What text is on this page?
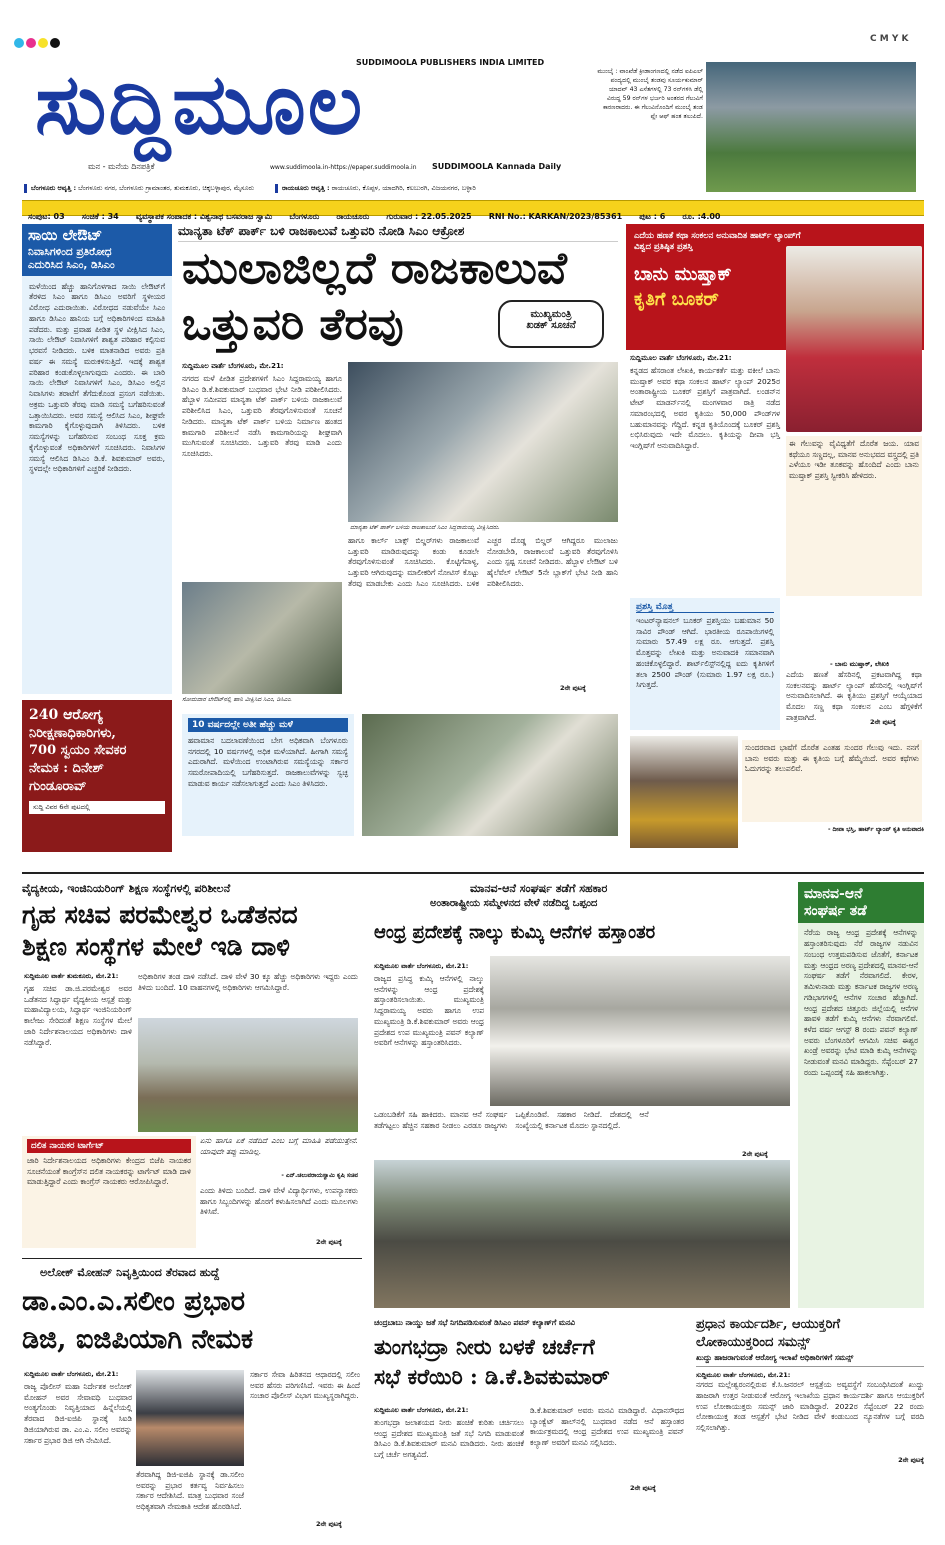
C M Y K
ಸುದ್ದಿಮೂಲ
SUDDIMOOLA PUBLISHERS INDIA LIMITED
ಮನ - ಮನೆಯ ದಿನಪತ್ರಿಕೆ	www.suddimoola.in-https://epaper.suddimoola.in SUDDIMOOLA Kannada Daily
ಮುಂಬೈ : ವಾಂಖೆಡೆ ಕ್ರೀಡಾಂಗಣದಲ್ಲಿ ನಡೆದ ಐಪಿಎಲ್ ಪಂದ್ಯದಲ್ಲಿ ಮುಂಬೈ ತಂಡವು ಸೂರ್ಯಕುಮಾರ್ ಯಾದವ್ 43 ಎಸೆತಗಳಲ್ಲಿ 73 ರನ್‌ಗಳಿಸಿ ಡೆಲ್ಲಿ ವಿರುದ್ಧ 59 ರನ್‌ಗಳ ಭರ್ಜರಿ ಅಂತರದ ಗೆಲುವಿಗೆ ಕಾರಣರಾದರು. ಈ ಗೆಲುವಿನೊಂದಿಗೆ ಮುಂಬೈ ತಂಡ ಪ್ಲೇ ಆಫ್ ಹಂತ ತಲುಪಿದೆ.
ಬೆಂಗಳೂರು ಆವೃತ್ತಿ : ಬೆಂಗಳೂರು ನಗರ, ಬೆಂಗಳೂರು ಗ್ರಾಮಾಂತರ, ತುಮಕೂರು, ಚಿಕ್ಕಬಳ್ಳಾಪುರ, ಮೈಸೂರು	ರಾಯಚೂರು ಆವೃತ್ತಿ : ರಾಯಚೂರು, ಕೊಪ್ಪಳ, ಯಾದಗಿರಿ, ಕಲಬುರಗಿ, ವಿಜಯನಗರ, ಬಳ್ಳಾರಿ
ಸಂಪುಟ: 03 ಸಂಚಿಕೆ : 34 ವ್ಯವಸ್ಥಾಪಕ ಸಂಪಾದಕ : ವಿಶ್ವನಾಥ ಬಸವರಾಜ ಸ್ವಾಮಿ ಬೆಂಗಳೂರು ರಾಯಚೂರು ಗುರುವಾರ : 22.05.2025 RNI No.: KARKAN/2023/85361 ಪುಟ : 6 ರೂ. :4.00
ಸಾಯಿ ಲೇಔಟ್
ನಿವಾಸಿಗಳಿಂದ ಪ್ರತಿರೋಧ
ಎದುರಿಸಿದ ಸಿಎಂ, ಡಿಸಿಎಂ
ಮಳೆಯಿಂದ ಹೆಚ್ಚು ಹಾನಿಗೊಳಗಾದ ಸಾಯಿ ಲೇಔಟ್‌ಗೆ ತೆರಳಿದ ಸಿಎಂ ಹಾಗೂ ಡಿಸಿಎಂ ಅವರಿಗೆ ಸ್ಥಳೀಯರ ವಿರೋಧ ಎದುರಾಯಿತು. ವಿರೋಧದ ನಡುವೆಯೇ ಸಿಎಂ ಹಾಗೂ ಡಿಸಿಎಂ ಹಾನಿಯ ಬಗ್ಗೆ ಅಧಿಕಾರಿಗಳಿಂದ ಮಾಹಿತಿ ಪಡೆದರು. ಮತ್ತು ಪ್ರವಾಹ ಪೀಡಿತ ಸ್ಥಳ ವೀಕ್ಷಿಸಿದ ಸಿಎಂ, ಸಾಯಿ ಲೇಔಟ್ ನಿವಾಸಿಗಳಿಗೆ ಶಾಶ್ವತ ಪರಿಹಾರ ಕಲ್ಪಿಸುವ ಭರವಸೆ ನೀಡಿದರು. ಬಳಿಕ ಮಾತನಾಡಿದ ಅವರು ಪ್ರತಿ ವರ್ಷ ಈ ಸಮಸ್ಯೆ ಮರುಕಳಿಸುತ್ತಿದೆ. ಇದಕ್ಕೆ ಶಾಶ್ವತ ಪರಿಹಾರ ಕಂಡುಕೊಳ್ಳಲಾಗುವುದು ಎಂದರು. ಈ ಬಾರಿ ಸಾಯಿ ಲೇಔಟ್ ನಿವಾಸಿಗಳಿಗೆ ಸಿಎಂ, ಡಿಸಿಎಂ ಅಲ್ಲಿನ ನಿವಾಸಿಗಳು ತರಾಟೆಗೆ ತೆಗೆದುಕೊಂಡ ಪ್ರಸಂಗ ನಡೆಯಿತು. ಅಕ್ರಮ ಒತ್ತುವರಿ ತೆರವು ಮಾಡಿ ಸಮಸ್ಯೆ ಬಗೆಹರಿಸುವಂತೆ ಒತ್ತಾಯಿಸಿದರು. ಅವರ ಸಮಸ್ಯೆ ಆಲಿಸಿದ ಸಿಎಂ, ಶೀಘ್ರವೇ ಕಾಮಗಾರಿ ಕೈಗೊಳ್ಳುವುದಾಗಿ ತಿಳಿಸಿದರು. ಬಳಿಕ ಸಮಸ್ಯೆಗಳನ್ನು ಬಗೆಹರಿಸುವ ಸಂಬಂಧ ಸೂಕ್ತ ಕ್ರಮ ಕೈಗೊಳ್ಳುವಂತೆ ಅಧಿಕಾರಿಗಳಿಗೆ ಸೂಚಿಸಿದರು. ನಿವಾಸಿಗಳ ಸಮಸ್ಯೆ ಆಲಿಸಿದ ಡಿಸಿಎಂ ಡಿ.ಕೆ. ಶಿವಕುಮಾರ್ ಅವರು, ಸ್ಥಳದಲ್ಲೇ ಅಧಿಕಾರಿಗಳಿಗೆ ಎಚ್ಚರಿಕೆ ನೀಡಿದರು.
240 ಆರೋಗ್ಯ
ನಿರೀಕ್ಷಣಾಧಿಕಾರಿಗಳು,
700 ಸ್ವಯಂ ಸೇವಕರ
ನೇಮಕ : ದಿನೇಶ್
ಗುಂಡೂರಾವ್
ಸುದ್ದಿ ವಿವರ 6ನೇ ಪುಟದಲ್ಲಿ
ಮಾನ್ಯತಾ ಟೆಕ್ ಪಾರ್ಕ್ ಬಳಿ ರಾಜಕಾಲುವೆ ಒತ್ತುವರಿ ನೋಡಿ ಸಿಎಂ ಆಕ್ರೋಶ
ಮುಲಾಜಿಲ್ಲದೆ ರಾಜಕಾಲುವೆ
ಒತ್ತುವರಿ ತೆರವು	ಮುಖ್ಯಮಂತ್ರಿ
ಖಡಕ್ ಸೂಚನೆ
ಸುದ್ದಿಮೂಲ ವಾರ್ತೆ ಬೆಂಗಳೂರು, ಮೇ.21:
ನಗರದ ಮಳೆ ಪೀಡಿತ ಪ್ರದೇಶಗಳಿಗೆ ಸಿಎಂ ಸಿದ್ದರಾಮಯ್ಯ ಹಾಗೂ ಡಿಸಿಎಂ ಡಿ.ಕೆ.ಶಿವಕುಮಾರ್ ಬುಧವಾರ ಭೇಟಿ ನೀಡಿ ಪರಿಶೀಲಿಸಿದರು. ಹೆಬ್ಬಾಳ ಸಮೀಪದ ಮಾನ್ಯತಾ ಟೆಕ್ ಪಾರ್ಕ್ ಬಳಿಯ ರಾಜಕಾಲುವೆ ಪರಿಶೀಲಿಸಿದ ಸಿಎಂ, ಒತ್ತುವರಿ ತೆರವುಗೊಳಿಸುವಂತೆ ಸೂಚನೆ ನೀಡಿದರು. ಮಾನ್ಯತಾ ಟೆಕ್ ಪಾರ್ಕ್ ಬಳಿಯ ನಿರ್ಮಾಣ ಹಂತದ ಕಾಮಗಾರಿ ಪರಿಶೀಲನೆ ನಡೆಸಿ ಕಾಮಗಾರಿಯನ್ನು ಶೀಘ್ರವಾಗಿ ಮುಗಿಸುವಂತೆ ಸೂಚಿಸಿದರು. ಒತ್ತುವರಿ ತೆರವು ಮಾಡಿ ಎಂದು ಸೂಚಿಸಿದರು.
ಮಾನ್ಯತಾ ಟೆಕ್ ಪಾರ್ಕ್ ಬಳಿಯ ರಾಜಕಾಲುವೆ ಸಿಎಂ ಸಿದ್ದರಾಮಯ್ಯ ವೀಕ್ಷಿಸಿದರು.
ಹಾಗೂ ಕಾರ್ಲ್ ಬಾಕ್ಸ್ ಬಿಲ್ಡರ್‌ಗಳು ರಾಜಕಾಲುವೆ ಒತ್ತುವರಿ ಮಾಡಿರುವುದನ್ನು ಕಂಡು ಕೂಡಲೇ ತೆರವುಗೊಳಿಸುವಂತೆ ಸೂಚಿಸಿದರು. ಕೊಟ್ಟಿಗೆಪಾಳ್ಯ, ಒತ್ತುವರಿ ಆಗಿರುವುದನ್ನು ಮಾಲೀಕರಿಗೆ ನೋಟಿಸ್ ಕೊಟ್ಟು ತೆರವು ಮಾಡಬೇಕು ಎಂದು ಸಿಎಂ ಸೂಚಿಸಿದರು. ಬಳಿಕ ಎಚ್ಚರ ದೊಡ್ಡ ಬಿಲ್ಡರ್ ಆಗಿದ್ದರೂ ಮುಲಾಜು ನೋಡಬೇಡಿ, ರಾಜಕಾಲುವೆ ಒತ್ತುವರಿ ತೆರವುಗೊಳಿಸಿ ಎಂದು ಸ್ಪಷ್ಟ ಸೂಚನೆ ನೀಡಿದರು. ಹೆಬ್ಬಾಳ ಲೇಔಟ್ ಬಳಿ ಹೈಲೆವೆಲ್ ಲೇಔಟ್ 5ನೇ ಬ್ಲಾಕ್‌ಗೆ ಭೇಟಿ ನೀಡಿ ಹಾನಿ ಪರಿಶೀಲಿಸಿದರು.
ಸೋಮವಾರ ಲೇಔಟ್‌ನಲ್ಲಿ ಹಾನಿ ವೀಕ್ಷಿಸಿದ ಸಿಎಂ, ಡಿಸಿಎಂ.
2ನೇ ಪುಟಕ್ಕೆ
10 ವರ್ಷದಲ್ಲೇ ಅತೀ ಹೆಚ್ಚು ಮಳೆ
ಹವಾಮಾನ ಬದಲಾವಣೆಯಿಂದ ಬೇಗ ಅಧಿಕವಾಗಿ ಬೆಂಗಳೂರು ನಗರದಲ್ಲಿ 10 ವರ್ಷಗಳಲ್ಲಿ ಅಧಿಕ ಮಳೆಯಾಗಿದೆ. ಹೀಗಾಗಿ ಸಮಸ್ಯೆ ಎದುರಾಗಿದೆ. ಮಳೆಯಿಂದ ಉಂಟಾಗಿರುವ ಸಮಸ್ಯೆಯನ್ನು ಸರ್ಕಾರ ಸಮರೋಪಾದಿಯಲ್ಲಿ ಬಗೆಹರಿಸುತ್ತದೆ. ರಾಜಕಾಲುವೆಗಳನ್ನು ಸ್ವಚ್ಛ ಮಾಡುವ ಕಾರ್ಯ ನಡೆಸಲಾಗುತ್ತದೆ ಎಂದು ಸಿಎಂ ತಿಳಿಸಿದರು.
ಎದೆಯ ಹಣತೆ ಕಥಾ ಸಂಕಲನ ಅನುವಾದಿತ ಹಾರ್ಟ್ ಲ್ಯಾಂಪ್‌ಗೆ
ವಿಶ್ವದ ಪ್ರತಿಷ್ಠಿತ ಪ್ರಶಸ್ತಿ
ಬಾನು ಮುಷ್ತಾಕ್
ಕೃತಿಗೆ ಬೂಕರ್
ಸುದ್ದಿಮೂಲ ವಾರ್ತೆ ಬೆಂಗಳೂರು, ಮೇ.21:
ಕನ್ನಡದ ಹೆಸರಾಂತ ಲೇಖಕಿ, ಕಾರ್ಯಕರ್ತೆ ಮತ್ತು ವಕೀಲೆ ಬಾನು ಮುಷ್ತಾಕ್ ಅವರ ಕಥಾ ಸಂಕಲನ ಹಾರ್ಟ್ ಲ್ಯಾಂಪ್ 2025ರ ಅಂತಾರಾಷ್ಟ್ರೀಯ ಬೂಕರ್ ಪ್ರಶಸ್ತಿಗೆ ಪಾತ್ರವಾಗಿದೆ. ಲಂಡನ್‌ನ ಟೇಟ್ ಮಾಡರ್ನ್‌ನಲ್ಲಿ ಮಂಗಳವಾರ ರಾತ್ರಿ ನಡೆದ ಸಮಾರಂಭದಲ್ಲಿ ಅವರ ಕೃತಿಯು 50,000 ಪೌಂಡ್‌ಗಳ ಬಹುಮಾನವನ್ನು ಗೆದ್ದಿದೆ. ಕನ್ನಡ ಕೃತಿಯೊಂದಕ್ಕೆ ಬೂಕರ್ ಪ್ರಶಸ್ತಿ ಲಭಿಸಿರುವುದು ಇದೇ ಮೊದಲು. ಕೃತಿಯನ್ನು ದೀಪಾ ಭಸ್ತಿ ಇಂಗ್ಲಿಷ್‌ಗೆ ಅನುವಾದಿಸಿದ್ದಾರೆ.	ಈ ಗೆಲುವನ್ನು ವೈವಿಧ್ಯತೆಗೆ ದೊರೆತ ಜಯ. ಯಾವ ಕಥೆಯೂ ಸಣ್ಣದಲ್ಲ, ಮಾನವ ಅನುಭವದ ವಸ್ತ್ರದಲ್ಲಿ ಪ್ರತಿ ಎಳೆಯೂ ಇಡೀ ತೂಕವನ್ನು ಹೊಂದಿದೆ ಎಂದು ಬಾನು ಮುಷ್ತಾಕ್ ಪ್ರಶಸ್ತಿ ಸ್ವೀಕರಿಸಿ ಹೇಳಿದರು.
- ಬಾನು ಮುಷ್ತಾಕ್, ಲೇಖಕಿ
ಎದೆಯ ಹಣತೆ ಹೆಸರಿನಲ್ಲಿ ಪ್ರಕಟವಾಗಿದ್ದ ಕಥಾ ಸಂಕಲನವನ್ನು ಹಾರ್ಟ್ ಲ್ಯಾಂಪ್ ಹೆಸರಿನಲ್ಲಿ ಇಂಗ್ಲಿಷ್‌ಗೆ ಅನುವಾದಿಸಲಾಗಿದೆ. ಈ ಕೃತಿಯು ಪ್ರಶಸ್ತಿಗೆ ಆಯ್ಕೆಯಾದ ಮೊದಲ ಸಣ್ಣ ಕಥಾ ಸಂಕಲನ ಎಂಬ ಹೆಗ್ಗಳಿಕೆಗೆ ಪಾತ್ರವಾಗಿದೆ.
2ನೇ ಪುಟಕ್ಕೆ
ಪ್ರಶಸ್ತಿ ಮೊತ್ತ
ಇಂಟರ್‌ನ್ಯಾಷನಲ್ ಬೂಕರ್ ಪ್ರಶಸ್ತಿಯು ಬಹುಮಾನ 50 ಸಾವಿರ ಪೌಂಡ್ ಆಗಿದೆ. ಭಾರತೀಯ ರೂಪಾಯಿಗಳಲ್ಲಿ ಸುಮಾರು 57.49 ಲಕ್ಷ ರೂ. ಆಗುತ್ತದೆ. ಪ್ರಶಸ್ತಿ ಮೊತ್ತವನ್ನು ಲೇಖಕಿ ಮತ್ತು ಅನುವಾದಕಿ ಸಮಾನವಾಗಿ ಹಂಚಿಕೊಳ್ಳಲಿದ್ದಾರೆ. ಶಾರ್ಟ್‌ಲಿಸ್ಟ್‌ನಲ್ಲಿದ್ದ ಐದು ಕೃತಿಗಳಿಗೆ ತಲಾ 2500 ಪೌಂಡ್ (ಸುಮಾರು 1.97 ಲಕ್ಷ ರೂ.) ಸಿಗುತ್ತದೆ.
ಸುಂದರವಾದ ಭಾಷೆಗೆ ದೊರೆತ ಎಂತಹ ಸುಂದರ ಗೆಲುವು ಇದು. ನನಗೆ ಬಾನು ಅವರು ಮತ್ತು ಈ ಕೃತಿಯ ಬಗ್ಗೆ ಹೆಮ್ಮೆಯಿದೆ. ಅವರ ಕಥೆಗಳು ಓದುಗರನ್ನು ತಲುಪಲಿವೆ.
- ದೀಪಾ ಭಸ್ತಿ, ಹಾರ್ಟ್ ಲ್ಯಾಂಪ್ ಕೃತಿ ಅನುವಾದಕಿ
ವೈದ್ಯಕೀಯ, ಇಂಜಿನಿಯರಿಂಗ್ ಶಿಕ್ಷಣ ಸಂಸ್ಥೆಗಳಲ್ಲಿ ಪರಿಶೀಲನೆ
ಗೃಹ ಸಚಿವ ಪರಮೇಶ್ವರ ಒಡೆತನದ
ಶಿಕ್ಷಣ ಸಂಸ್ಥೆಗಳ ಮೇಲೆ ಇಡಿ ದಾಳಿ
ಸುದ್ದಿಮೂಲ ವಾರ್ತೆ ತುಮಕೂರು, ಮೇ.21:
ಗೃಹ ಸಚಿವ ಡಾ.ಜಿ.ಪರಮೇಶ್ವರ ಅವರ ಒಡೆತನದ ಸಿದ್ಧಾರ್ಥ ವೈದ್ಯಕೀಯ ಆಸ್ಪತ್ರೆ ಮತ್ತು ಮಹಾವಿದ್ಯಾಲಯ, ಸಿದ್ಧಾರ್ಥ ಇಂಜಿನಿಯರಿಂಗ್ ಕಾಲೇಜು ಸೇರಿದಂತೆ ಶಿಕ್ಷಣ ಸಂಸ್ಥೆಗಳ ಮೇಲೆ ಜಾರಿ ನಿರ್ದೇಶನಾಲಯದ ಅಧಿಕಾರಿಗಳು ದಾಳಿ ನಡೆಸಿದ್ದಾರೆ.
ಅಧಿಕಾರಿಗಳ ತಂಡ ದಾಳಿ ನಡೆಸಿದೆ. ದಾಳಿ ವೇಳೆ 30 ಕ್ಕೂ ಹೆಚ್ಚು ಅಧಿಕಾರಿಗಳು ಇದ್ದರು ಎಂದು ತಿಳಿದು ಬಂದಿದೆ. 10 ವಾಹನಗಳಲ್ಲಿ ಅಧಿಕಾರಿಗಳು ಆಗಮಿಸಿದ್ದಾರೆ.
ಏನು ಹಾಗೂ ಏಕೆ ನಡೆದಿದೆ ಎಂಬ ಬಗ್ಗೆ ಮಾಹಿತಿ ಪಡೆಯುತ್ತೇನೆ. ಯಾವುದೇ ತಪ್ಪು ಮಾಡಿಲ್ಲ.
- ಎನ್.ಚಲುವರಾಯಸ್ವಾಮಿ ಕೃಷಿ ಸಚಿವ
ದಲಿತ ನಾಯಕರ ಟಾರ್ಗೆಟ್
ಜಾರಿ ನಿರ್ದೇಶನಾಲಯದ ಅಧಿಕಾರಿಗಳು ಕೇಂದ್ರದ ಬಿಜೆಪಿ ನಾಯಕರ ಸೂಚನೆಯಂತೆ ಕಾಂಗ್ರೆಸ್‌ನ ದಲಿತ ನಾಯಕರನ್ನು ಟಾರ್ಗೆಟ್ ಮಾಡಿ ದಾಳಿ ಮಾಡುತ್ತಿದ್ದಾರೆ ಎಂದು ಕಾಂಗ್ರೆಸ್ ನಾಯಕರು ಆರೋಪಿಸಿದ್ದಾರೆ.
ಎಂದು ತಿಳಿದು ಬಂದಿದೆ. ದಾಳಿ ವೇಳೆ ವಿದ್ಯಾರ್ಥಿಗಳು, ಉಪನ್ಯಾಸಕರು ಹಾಗೂ ಸಿಬ್ಬಂದಿಗಳನ್ನು ಹೊರಗೆ ಕಳುಹಿಸಲಾಗಿದೆ ಎಂದು ಮೂಲಗಳು ತಿಳಿಸಿವೆ.
2ನೇ ಪುಟಕ್ಕೆ
ಮಾನವ-ಆನೆ ಸಂಘರ್ಷ ತಡೆಗೆ ಸಹಕಾರ
ಅಂತಾರಾಷ್ಟ್ರೀಯ ಸಮ್ಮೇಳನದ ವೇಳೆ ನಡೆದಿದ್ದ ಒಪ್ಪಂದ
ಆಂಧ್ರ ಪ್ರದೇಶಕ್ಕೆ ನಾಲ್ಕು ಕುಮ್ಕಿ ಆನೆಗಳ ಹಸ್ತಾಂತರ
ಸುದ್ದಿಮೂಲ ವಾರ್ತೆ ಬೆಂಗಳೂರು, ಮೇ.21:
ರಾಜ್ಯದ ಪ್ರಸಿದ್ಧ ಕುಮ್ಕಿ ಆನೆಗಳಲ್ಲಿ ನಾಲ್ಕು ಆನೆಗಳನ್ನು ಆಂಧ್ರ ಪ್ರದೇಶಕ್ಕೆ ಹಸ್ತಾಂತರಿಸಲಾಯಿತು. ಮುಖ್ಯಮಂತ್ರಿ ಸಿದ್ದರಾಮಯ್ಯ ಅವರು ಹಾಗೂ ಉಪ ಮುಖ್ಯಮಂತ್ರಿ ಡಿ.ಕೆ.ಶಿವಕುಮಾರ್ ಅವರು ಆಂಧ್ರ ಪ್ರದೇಶದ ಉಪ ಮುಖ್ಯಮಂತ್ರಿ ಪವನ್ ಕಲ್ಯಾಣ್ ಅವರಿಗೆ ಆನೆಗಳನ್ನು ಹಸ್ತಾಂತರಿಸಿದರು.
ಒಡಂಬಡಿಕೆಗೆ ಸಹಿ ಹಾಕಿದರು. ಮಾನವ ಆನೆ ಸಂಘರ್ಷ ತಡೆಗಟ್ಟಲು ಹೆಚ್ಚಿನ ಸಹಕಾರ ನೀಡಲು ಎರಡೂ ರಾಜ್ಯಗಳು ಒಪ್ಪಿಕೊಂಡಿವೆ. ಸಹಕಾರ ನೀಡಿದೆ. ದೇಶದಲ್ಲಿ ಆನೆ ಸಂಖ್ಯೆಯಲ್ಲಿ ಕರ್ನಾಟಕ ಮೊದಲ ಸ್ಥಾನದಲ್ಲಿದೆ.
2ನೇ ಪುಟಕ್ಕೆ
ಮಾನವ-ಆನೆ
ಸಂಘರ್ಷ ತಡೆ
ನೆರೆಯ ರಾಜ್ಯ ಆಂಧ್ರ ಪ್ರದೇಶಕ್ಕೆ ಆನೆಗಳನ್ನು ಹಸ್ತಾಂತರಿಸುವುದು ನೆರೆ ರಾಜ್ಯಗಳ ನಡುವಿನ ಸಂಬಂಧ ಉತ್ತಮಪಡಿಸುವ ಜೊತೆಗೆ, ಕರ್ನಾಟಕ ಮತ್ತು ಆಂಧ್ರದ ಅರಣ್ಯ ಪ್ರದೇಶದಲ್ಲಿ ಮಾನವ-ಆನೆ ಸಂಘರ್ಷ ತಡೆಗೆ ನೆರವಾಗಲಿದೆ. ಕೇರಳ, ತಮಿಳುನಾಡು ಮತ್ತು ಕರ್ನಾಟಕ ರಾಜ್ಯಗಳ ಅರಣ್ಯ ಗಡಿಭಾಗಗಳಲ್ಲಿ ಆನೆಗಳ ಸಂಚಾರ ಹೆಚ್ಚಾಗಿದೆ. ಆಂಧ್ರ ಪ್ರದೇಶದ ಚಿತ್ತೂರು ಜಿಲ್ಲೆಯಲ್ಲಿ ಆನೆಗಳ ಹಾವಳಿ ತಡೆಗೆ ಕುಮ್ಕಿ ಆನೆಗಳು ನೆರವಾಗಲಿವೆ. ಕಳೆದ ವರ್ಷ ಆಗಸ್ಟ್ 8 ರಂದು ಪವನ್ ಕಲ್ಯಾಣ್ ಅವರು ಬೆಂಗಳೂರಿಗೆ ಆಗಮಿಸಿ ಸಚಿವ ಈಶ್ವರ ಖಂಡ್ರೆ ಅವರನ್ನು ಭೇಟಿ ಮಾಡಿ ಕುಮ್ಕಿ ಆನೆಗಳನ್ನು ನೀಡುವಂತೆ ಮನವಿ ಮಾಡಿದ್ದರು. ಸೆಪ್ಟೆಂಬರ್ 27 ರಂದು ಒಪ್ಪಂದಕ್ಕೆ ಸಹಿ ಹಾಕಲಾಗಿತ್ತು.
ಅಲೋಕ್ ಮೋಹನ್ ನಿವೃತ್ತಿಯಿಂದ ತೆರವಾದ ಹುದ್ದೆ
ಡಾ.ಎಂ.ಎ.ಸಲೀಂ ಪ್ರಭಾರ
ಡಿಜಿ, ಐಜಿಪಿಯಾಗಿ ನೇಮಕ
ಸುದ್ದಿಮೂಲ ವಾರ್ತೆ ಬೆಂಗಳೂರು, ಮೇ.21:
ರಾಜ್ಯ ಪೊಲೀಸ್ ಮಹಾ ನಿರ್ದೇಶಕ ಅಲೋಕ್ ಮೋಹನ್ ಅವರ ಸೇವಾವಧಿ ಬುಧವಾರ ಅಂತ್ಯಗೊಂಡು ನಿವೃತ್ತಿಯಾದ ಹಿನ್ನೆಲೆಯಲ್ಲಿ ತೆರವಾದ ಡಿಜಿ-ಐಜಿಪಿ ಸ್ಥಾನಕ್ಕೆ ಸಿಐಡಿ ಡಿಜಿಯಾಗಿರುವ ಡಾ. ಎಂ.ಎ. ಸಲೀಂ ಅವರನ್ನು ಸರ್ಕಾರ ಪ್ರಭಾರ ಡಿಜಿ ಆಗಿ ನೇಮಿಸಿದೆ.
ತೆರವಾಗಿದ್ದ ಡಿಜಿ-ಐಜಿಪಿ ಸ್ಥಾನಕ್ಕೆ ಡಾ.ಸಲೀಂ ಅವರನ್ನು ಪ್ರಭಾರ ಕರ್ತವ್ಯ ನಿರ್ವಹಿಸಲು ಸರ್ಕಾರ ಆದೇಶಿಸಿದೆ. ಮಾತ್ರ ಬುಧವಾರ ಸಂಜೆ ಅಧಿಕೃತವಾಗಿ ನೇಮಕಾತಿ ಆದೇಶ ಹೊರಡಿಸಿದೆ.
ಸರ್ಕಾರ ಸೇವಾ ಹಿರಿತನದ ಆಧಾರದಲ್ಲಿ ಸಲೀಂ ಅವರ ಹೆಸರು ಪರಿಗಣಿಸಿದೆ. ಇವರು ಈ ಹಿಂದೆ ಸಂಚಾರ ಪೊಲೀಸ್ ವಿಭಾಗ ಮುಖ್ಯಸ್ಥರಾಗಿದ್ದರು.
2ನೇ ಪುಟಕ್ಕೆ
ಚಂದ್ರಬಾಬು ನಾಯ್ಡು ಜತೆ ಸಭೆ ನಿಗದಿಪಡಿಸುವಂತೆ ಡಿಸಿಎಂ ಪವನ್ ಕಲ್ಯಾಣ್‌ಗೆ ಮನವಿ
ತುಂಗಭದ್ರಾ ನೀರು ಬಳಕೆ ಚರ್ಚೆಗೆ
ಸಭೆ ಕರೆಯಿರಿ : ಡಿ.ಕೆ.ಶಿವಕುಮಾರ್
ಸುದ್ದಿಮೂಲ ವಾರ್ತೆ ಬೆಂಗಳೂರು, ಮೇ.21:
ತುಂಗಭದ್ರಾ ಜಲಾಶಯದ ನೀರು ಹಂಚಿಕೆ ಕುರಿತು ಚರ್ಚಿಸಲು ಆಂಧ್ರ ಪ್ರದೇಶದ ಮುಖ್ಯಮಂತ್ರಿ ಜತೆ ಸಭೆ ನಿಗದಿ ಮಾಡುವಂತೆ ಡಿಸಿಎಂ ಡಿ.ಕೆ.ಶಿವಕುಮಾರ್ ಮನವಿ ಮಾಡಿದರು. ನೀರು ಹಂಚಿಕೆ ಬಗ್ಗೆ ಚರ್ಚೆ ಅಗತ್ಯವಿದೆ.
ಡಿ.ಕೆ.ಶಿವಕುಮಾರ್ ಅವರು ಮನವಿ ಮಾಡಿದ್ದಾರೆ. ವಿಧಾನಸೌಧದ ಬ್ಯಾಂಕ್ವೆಟ್ ಹಾಲ್‌ನಲ್ಲಿ ಬುಧವಾರ ನಡೆದ ಆನೆ ಹಸ್ತಾಂತರ ಕಾರ್ಯಕ್ರಮದಲ್ಲಿ ಆಂಧ್ರ ಪ್ರದೇಶದ ಉಪ ಮುಖ್ಯಮಂತ್ರಿ ಪವನ್ ಕಲ್ಯಾಣ್ ಅವರಿಗೆ ಮನವಿ ಸಲ್ಲಿಸಿದರು.
2ನೇ ಪುಟಕ್ಕೆ
ಪ್ರಧಾನ ಕಾರ್ಯದರ್ಶಿ, ಆಯುಕ್ತರಿಗೆ
ಲೋಕಾಯುಕ್ತರಿಂದ ಸಮನ್ಸ್
ಖುದ್ದು ಹಾಜರಾಗುವಂತೆ ಆರೋಗ್ಯ ಇಲಾಖೆ ಅಧಿಕಾರಿಗಳಿಗೆ ಸಮನ್ಸ್
ಸುದ್ದಿಮೂಲ ವಾರ್ತೆ ಬೆಂಗಳೂರು, ಮೇ.21:
ನಗರದ ಮಲ್ಲೇಶ್ವರಂನಲ್ಲಿರುವ ಕೆ.ಸಿ.ಜನರಲ್ ಆಸ್ಪತ್ರೆಯ ಅವ್ಯವಸ್ಥೆಗೆ ಸಂಬಂಧಿಸಿದಂತೆ ಖುದ್ದು ಹಾಜರಾಗಿ ಉತ್ತರ ನೀಡುವಂತೆ ಆರೋಗ್ಯ ಇಲಾಖೆಯ ಪ್ರಧಾನ ಕಾರ್ಯದರ್ಶಿ ಹಾಗೂ ಆಯುಕ್ತರಿಗೆ ಉಪ ಲೋಕಾಯುಕ್ತರು ಸಮನ್ಸ್ ಜಾರಿ ಮಾಡಿದ್ದಾರೆ. 2022ರ ಸೆಪ್ಟೆಂಬರ್ 22 ರಂದು ಲೋಕಾಯುಕ್ತ ತಂಡ ಆಸ್ಪತ್ರೆಗೆ ಭೇಟಿ ನೀಡಿದ ವೇಳೆ ಕಂಡುಬಂದ ನ್ಯೂನತೆಗಳ ಬಗ್ಗೆ ವರದಿ ಸಲ್ಲಿಸಲಾಗಿತ್ತು.
2ನೇ ಪುಟಕ್ಕೆ
